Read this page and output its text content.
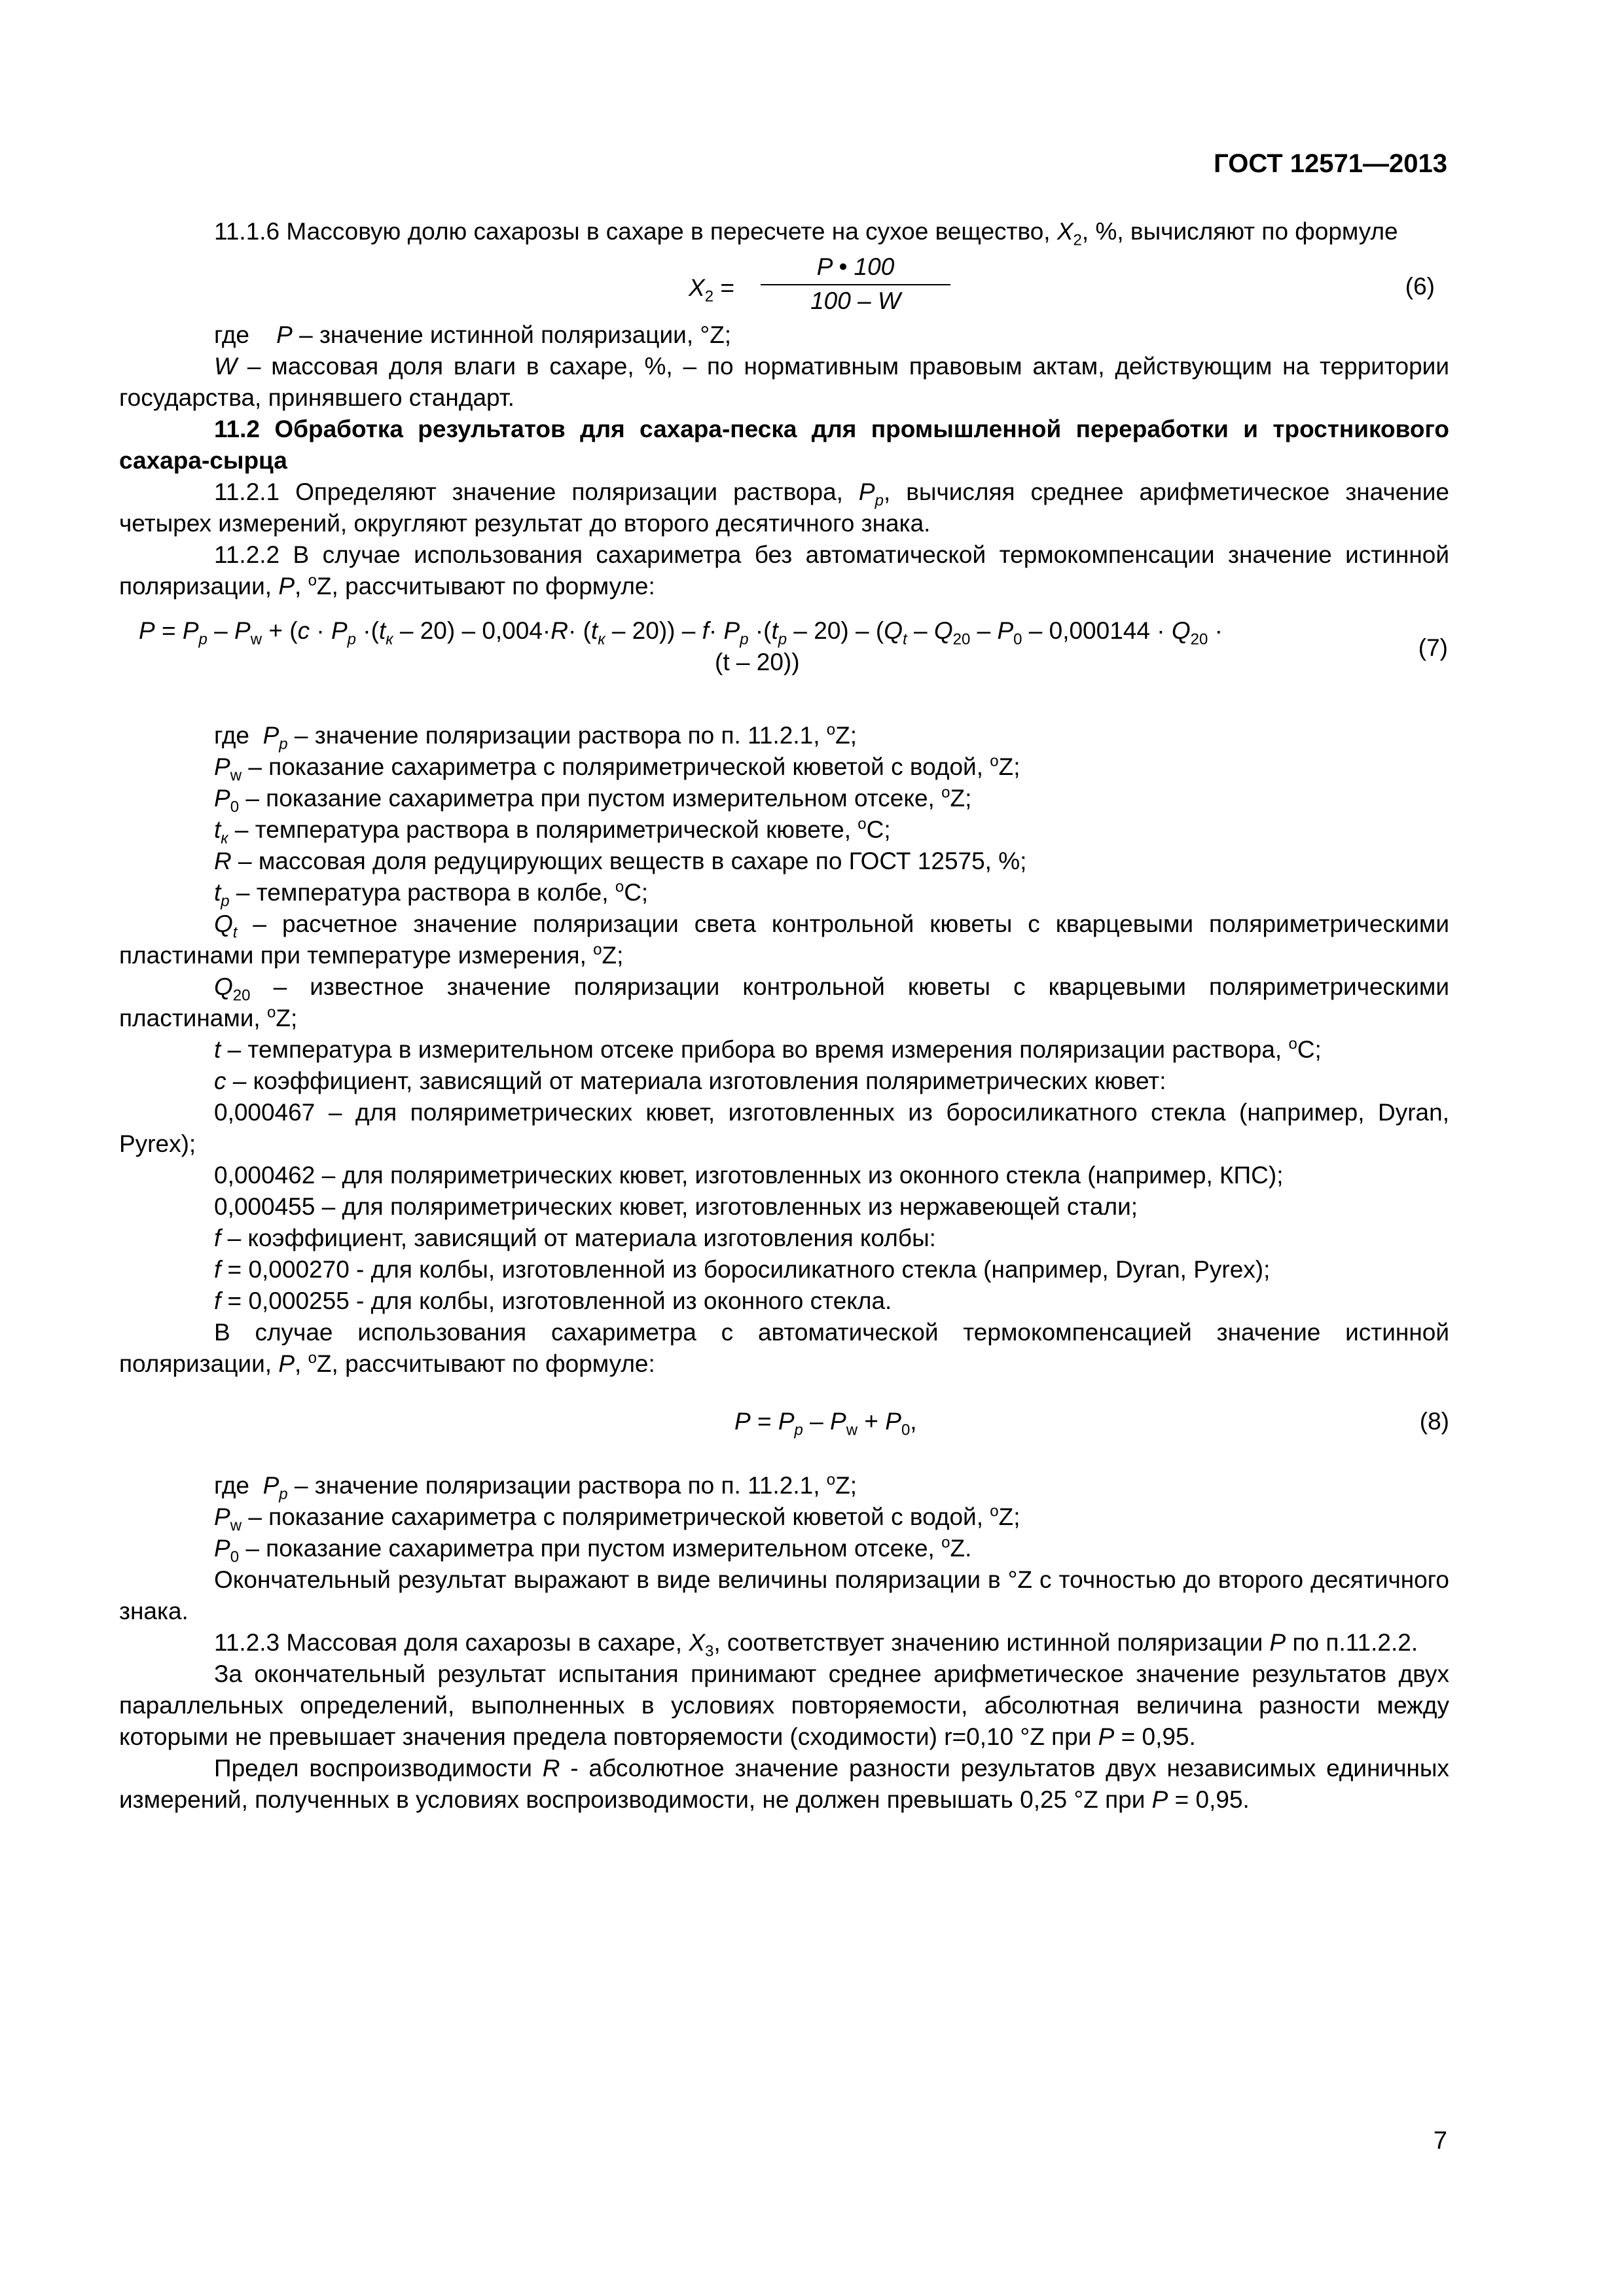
ГОСТ 12571—2013

11.1.6 Массовую долю сахарозы в сахаре в пересчете на сухое вещество, $X_2$, %, вычисляют по формуле

$X_2 = \frac{P • 100}{100 - W}$	(6)

где    P – значение истинной поляризации, °Z;

W – массовая доля влаги в сахаре, %, – по нормативным правовым актам, действующим на территории государства, принявшего стандарт.

11.2 Обработка результатов для сахара-песка для промышленной переработки и тростникового сахара-сырца

11.2.1 Определяют значение поляризации раствора, $P_p$, вычисляя среднее арифметическое значение четырех измерений, округляют результат до второго десятичного знака.

11.2.2 В случае использования сахариметра без автоматической термокомпенсации значение истинной поляризации, P, $^o$Z, рассчитывают по формуле:

$P = P_p - P_w + (c \cdot P_p \cdot(t_к - 20) - 0,004\cdot R\cdot (t_к - 20)) - f\cdot P_p \cdot(t_p - 20) - (Q_t - Q_{20} - P_0 - 0,000144 \cdot Q_{20}$ ·
(t – 20))
(7)

где  $P_p$ – значение поляризации раствора по п. 11.2.1, $^o$Z;

$P_w$ – показание сахариметра с поляриметрической кюветой с водой, $^o$Z;

$P_0$ – показание сахариметра при пустом измерительном отсеке, $^o$Z;

$t_к$ – температура раствора в поляриметрической кювете, $^o$C;

R – массовая доля редуцирующих веществ в сахаре по ГОСТ 12575, %;

$t_p$ – температура раствора в колбе, $^o$C;

$Q_t$ – расчетное значение поляризации света контрольной кюветы с кварцевыми поляриметрическими пластинами при температуре измерения, $^o$Z;

$Q_{20}$ – известное значение поляризации контрольной кюветы с кварцевыми поляриметрическими пластинами, $^o$Z;

t – температура в измерительном отсеке прибора во время измерения поляризации раствора, $^o$C;

c – коэффициент, зависящий от материала изготовления поляриметрических кювет:

0,000467 – для поляриметрических кювет, изготовленных из боросиликатного стекла (например, Dyran, Pyrex);

0,000462 – для поляриметрических кювет, изготовленных из оконного стекла (например, КПС);

0,000455 – для поляриметрических кювет, изготовленных из нержавеющей стали;

f – коэффициент, зависящий от материала изготовления колбы:

f = 0,000270 - для колбы, изготовленной из боросиликатного стекла (например, Dyran, Pyrex);

f = 0,000255 - для колбы, изготовленной из оконного стекла.

В случае использования сахариметра с автоматической термокомпенсацией значение истинной поляризации, P, $^o$Z, рассчитывают по формуле:

$P = P_p - P_w + P_0$,	(8)

где  $P_p$ – значение поляризации раствора по п. 11.2.1, $^o$Z;

$P_w$ – показание сахариметра с поляриметрической кюветой с водой, $^o$Z;

$P_0$ – показание сахариметра при пустом измерительном отсеке, $^o$Z.

Окончательный результат выражают в виде величины поляризации в °Z с точностью до второго десятичного знака.

11.2.3 Массовая доля сахарозы в сахаре, $X_3$, соответствует значению истинной поляризации P по п.11.2.2.

За окончательный результат испытания принимают среднее арифметическое значение результатов двух параллельных определений, выполненных в условиях повторяемости, абсолютная величина разности между которыми не превышает значения предела повторяемости (сходимости) r=0,10 °Z при P = 0,95.

Предел воспроизводимости R - абсолютное значение разности результатов двух независимых единичных измерений, полученных в условиях воспроизводимости, не должен превышать 0,25 °Z при P = 0,95.

7
